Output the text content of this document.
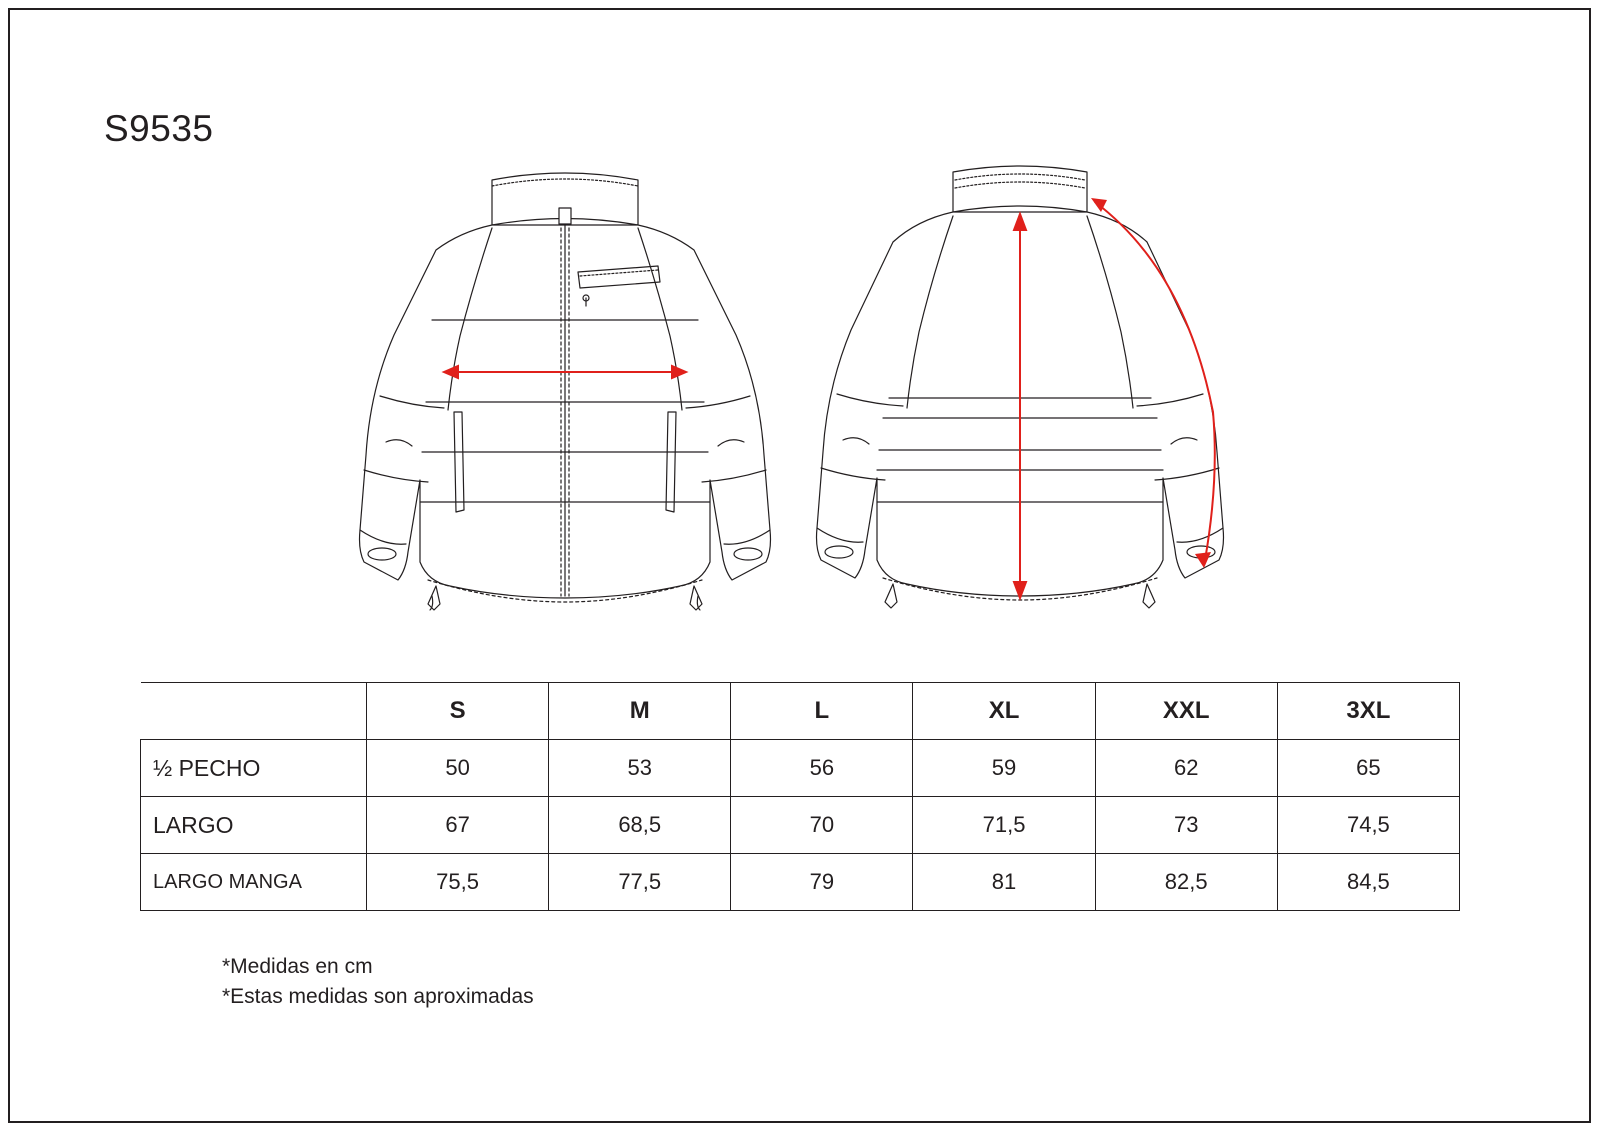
S9535
	S	M	L	XL	XXL	3XL
½ PECHO	50	53	56	59	62	65
LARGO	67	68,5	70	71,5	73	74,5
LARGO MANGA	75,5	77,5	79	81	82,5	84,5
*Medidas en cm
*Estas medidas son aproximadas
